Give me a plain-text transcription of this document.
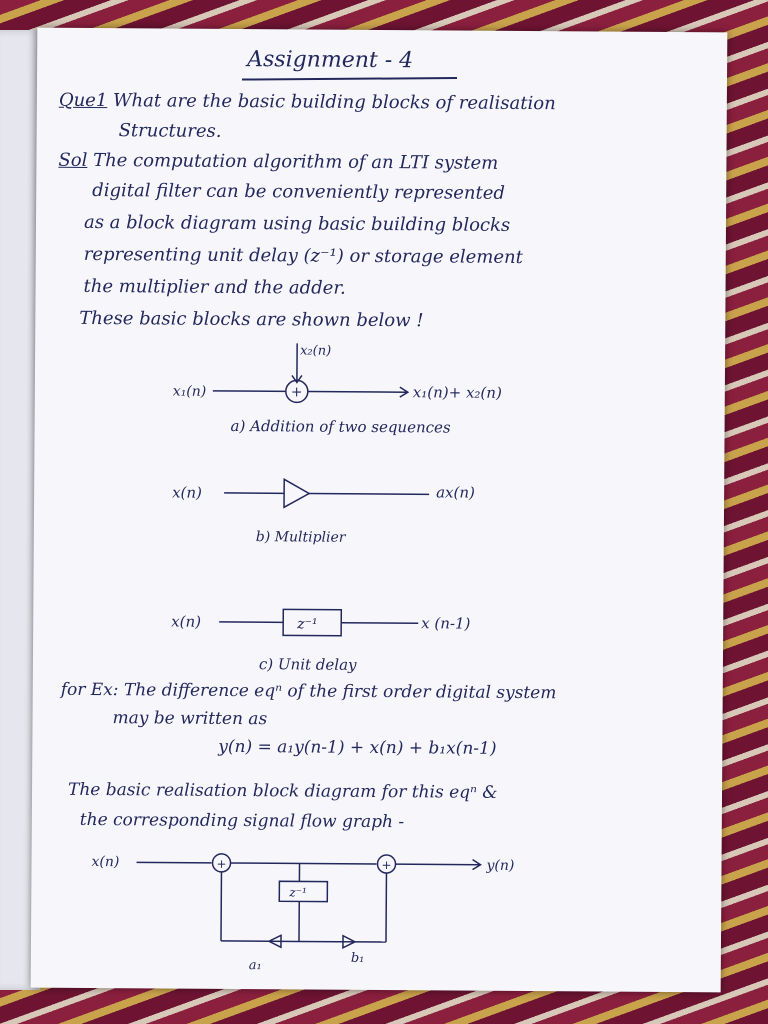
Assignment - 4
Que1 What are the basic building blocks of realisation
Structures.
Sol The computation algorithm of an LTI system
digital filter can be conveniently represented
as a block diagram using basic building blocks
representing unit delay (z⁻¹) or storage element
the multiplier and the adder.
These basic blocks are shown below !
x₂(n)
x₁(n)	+	x₁(n)+ x₂(n)
a) Addition of two sequences
x(n)	ax(n)
b) Multiplier
x(n)	z⁻¹	x (n-1)
c) Unit delay
for Ex: The difference eqⁿ of the first order digital system
may be written as
y(n) = a₁y(n-1) + x(n) + b₁x(n-1)
The basic realisation block diagram for this eqⁿ &
the corresponding signal flow graph -
x(n)	+	+	y(n)
z⁻¹
a₁	b₁
